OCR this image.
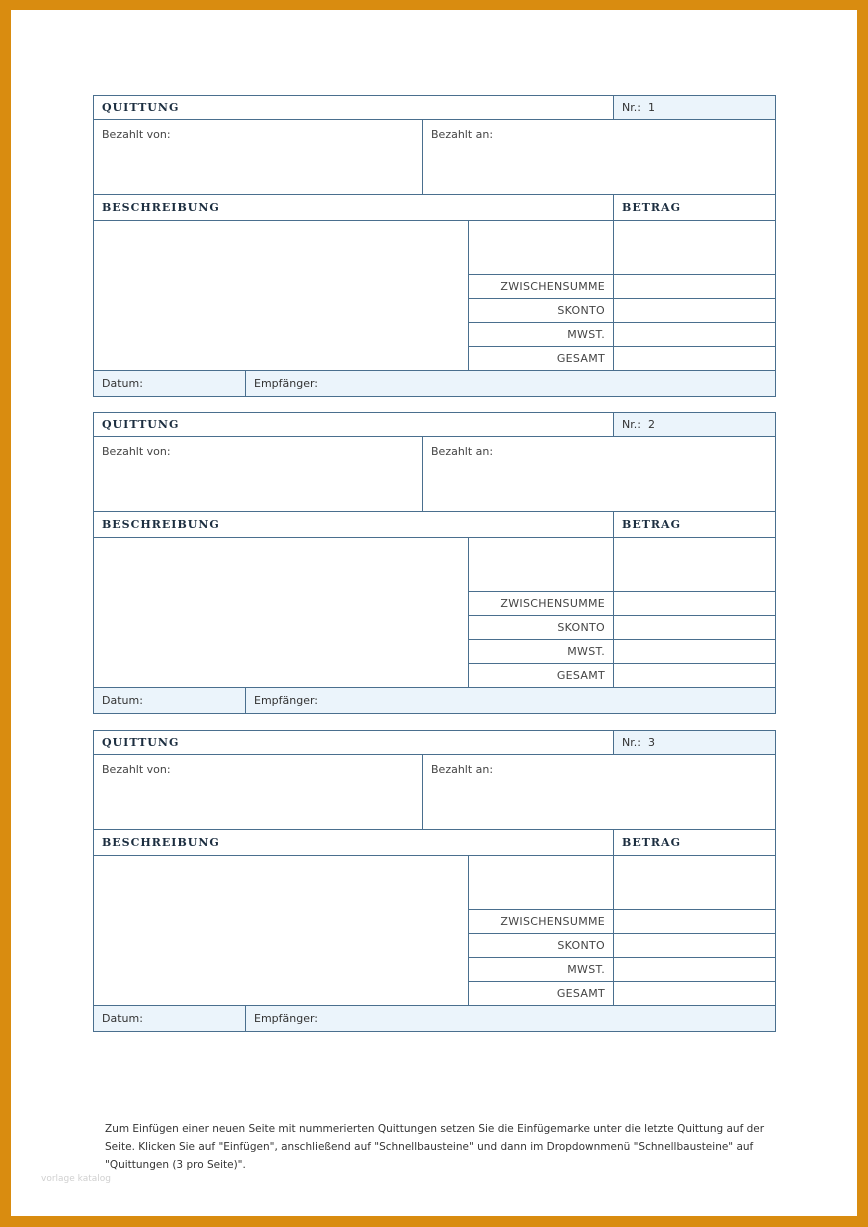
QUITTUNG				Nr.: 1
Bezahlt von:		Bezahlt an:		
BESCHREIBUNG				BETRAG

			ZWISCHENSUMME	
			SKONTO	
			MWST.	
			GESAMT	
Datum:	Empfänger:			
QUITTUNG				Nr.: 2
Bezahlt von:		Bezahlt an:		
BESCHREIBUNG				BETRAG

			ZWISCHENSUMME	
			SKONTO	
			MWST.	
			GESAMT	
Datum:	Empfänger:			
QUITTUNG				Nr.: 3
Bezahlt von:		Bezahlt an:		
BESCHREIBUNG				BETRAG

			ZWISCHENSUMME	
			SKONTO	
			MWST.	
			GESAMT	
Datum:	Empfänger:			
Zum Einfügen einer neuen Seite mit nummerierten Quittungen setzen Sie die Einfügemarke unter die letzte Quittung auf der Seite. Klicken Sie auf "Einfügen", anschließend auf "Schnellbausteine" und dann im Dropdownmenü "Schnellbausteine" auf "Quittungen (3 pro Seite)".
vorlage katalog
